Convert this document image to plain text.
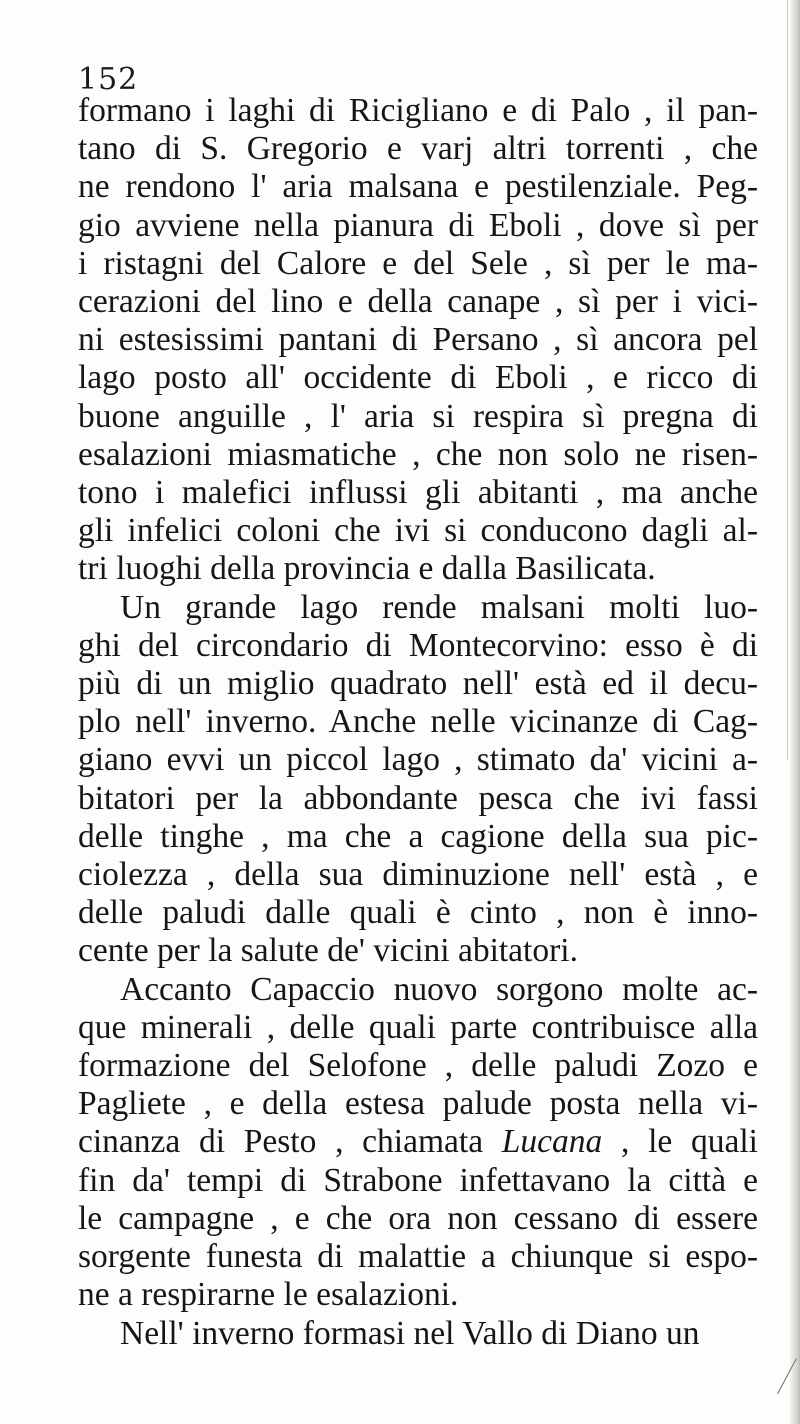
152
formano i laghi di Ricigliano e di Palo , il pan-
tano di S. Gregorio e varj altri torrenti , che
ne rendono l' aria malsana e pestilenziale. Peg-
gio avviene nella pianura di Eboli , dove sì per
i ristagni del Calore e del Sele , sì per le ma-
cerazioni del lino e della canape , sì per i vici-
ni estesissimi pantani di Persano , sì ancora pel
lago posto all' occidente di Eboli , e ricco di
buone anguille , l' aria si respira sì pregna di
esalazioni miasmatiche , che non solo ne risen-
tono i malefici influssi gli abitanti , ma anche
gli infelici coloni che ivi si conducono dagli al-
tri luoghi della provincia e dalla Basilicata.
Un grande lago rende malsani molti luo-
ghi del circondario di Montecorvino: esso è di
più di un miglio quadrato nell' està ed il decu-
plo nell' inverno. Anche nelle vicinanze di Cag-
giano evvi un piccol lago , stimato da' vicini a-
bitatori per la abbondante pesca che ivi fassi
delle tinghe , ma che a cagione della sua pic-
ciolezza , della sua diminuzione nell' està , e
delle paludi dalle quali è cinto , non è inno-
cente per la salute de' vicini abitatori.
Accanto Capaccio nuovo sorgono molte ac-
que minerali , delle quali parte contribuisce alla
formazione del Selofone , delle paludi Zozo e
Pagliete , e della estesa palude posta nella vi-
cinanza di Pesto , chiamata Lucana , le quali
fin da' tempi di Strabone infettavano la città e
le campagne , e che ora non cessano di essere
sorgente funesta di malattie a chiunque si espo-
ne a respirarne le esalazioni.
Nell' inverno formasi nel Vallo di Diano un
